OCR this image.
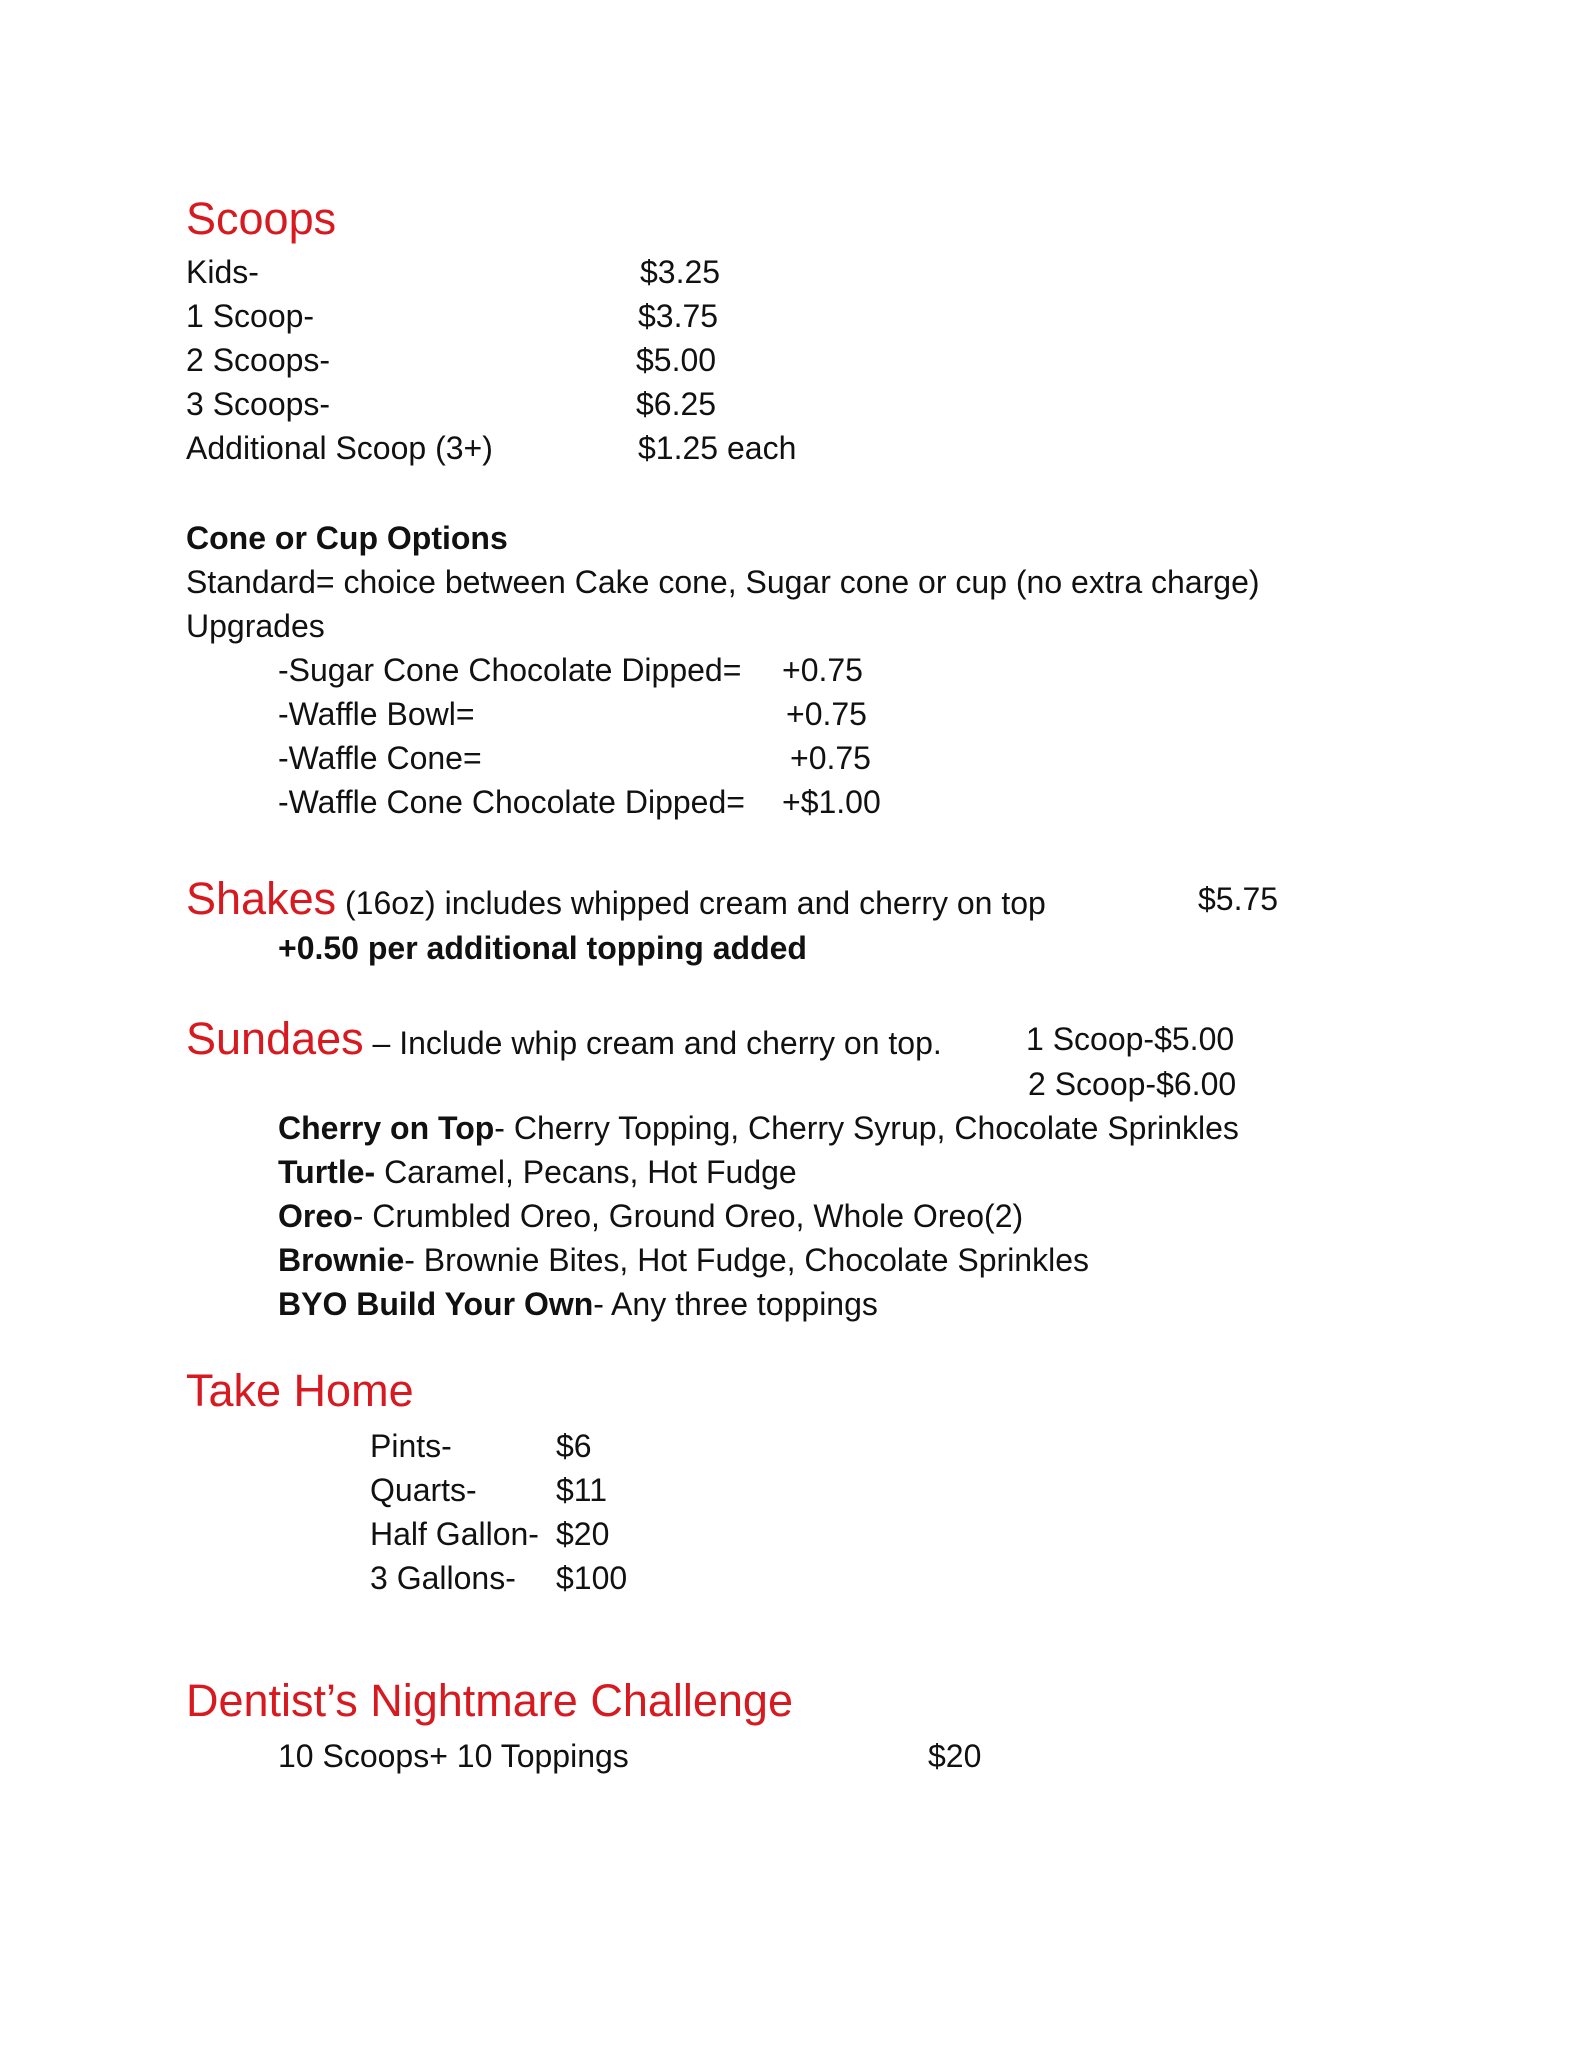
Scoops
Kids-	$3.25
1 Scoop-	$3.75
2 Scoops-	$5.00
3 Scoops-	$6.25
Additional Scoop (3+)	$1.25 each
Cone or Cup Options
Standard= choice between Cake cone, Sugar cone or cup (no extra charge)
Upgrades
-Sugar Cone Chocolate Dipped= +0.75
-Waffle Bowl=	+0.75
-Waffle Cone=	+0.75
-Waffle Cone Chocolate Dipped= +$1.00
Shakes (16oz) includes whipped cream and cherry on top	$5.75
+0.50 per additional topping added
Sundaes – Include whip cream and cherry on top.	1 Scoop-$5.00
2 Scoop-$6.00
Cherry on Top- Cherry Topping, Cherry Syrup, Chocolate Sprinkles
Turtle- Caramel, Pecans, Hot Fudge
Oreo- Crumbled Oreo, Ground Oreo, Whole Oreo(2)
Brownie- Brownie Bites, Hot Fudge, Chocolate Sprinkles
BYO Build Your Own- Any three toppings
Take Home
Pints-	$6
Quarts- $11
Half Gallon- $20
3 Gallons- $100
Dentist’s Nightmare Challenge
10 Scoops+ 10 Toppings	$20
